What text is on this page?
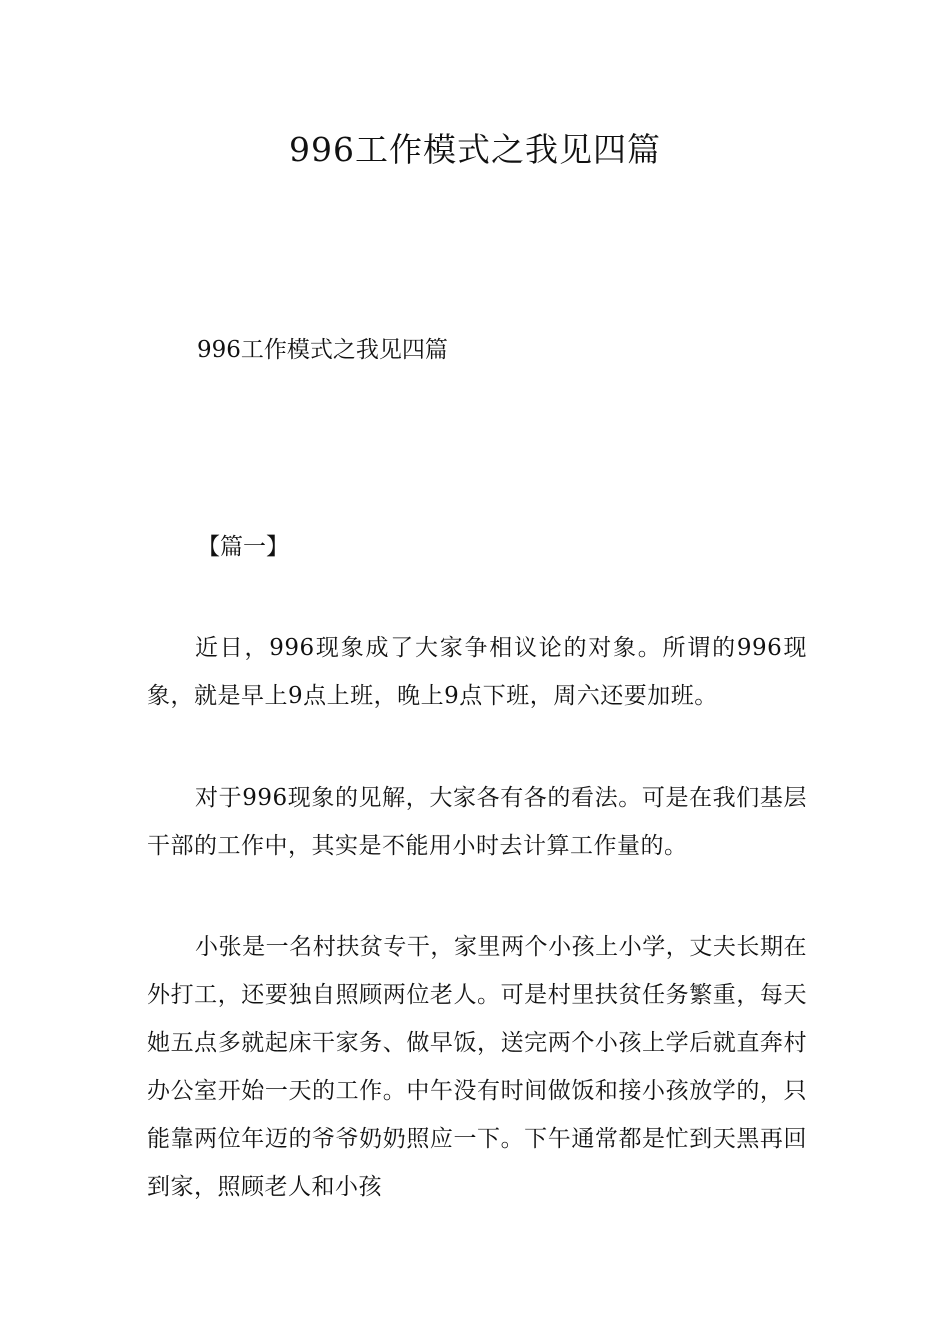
996工作模式之我见四篇

996工作模式之我见四篇

【篇一】

近日，996现象成了大家争相议论的对象。所谓的996现象，就是早上9点上班，晚上9点下班，周六还要加班。

对于996现象的见解，大家各有各的看法。可是在我们基层干部的工作中，其实是不能用小时去计算工作量的。

小张是一名村扶贫专干，家里两个小孩上小学，丈夫长期在外打工，还要独自照顾两位老人。可是村里扶贫任务繁重，每天她五点多就起床干家务、做早饭，送完两个小孩上学后就直奔村办公室开始一天的工作。中午没有时间做饭和接小孩放学的，只能靠两位年迈的爷爷奶奶照应一下。下午通常都是忙到天黑再回到家，照顾老人和小孩
